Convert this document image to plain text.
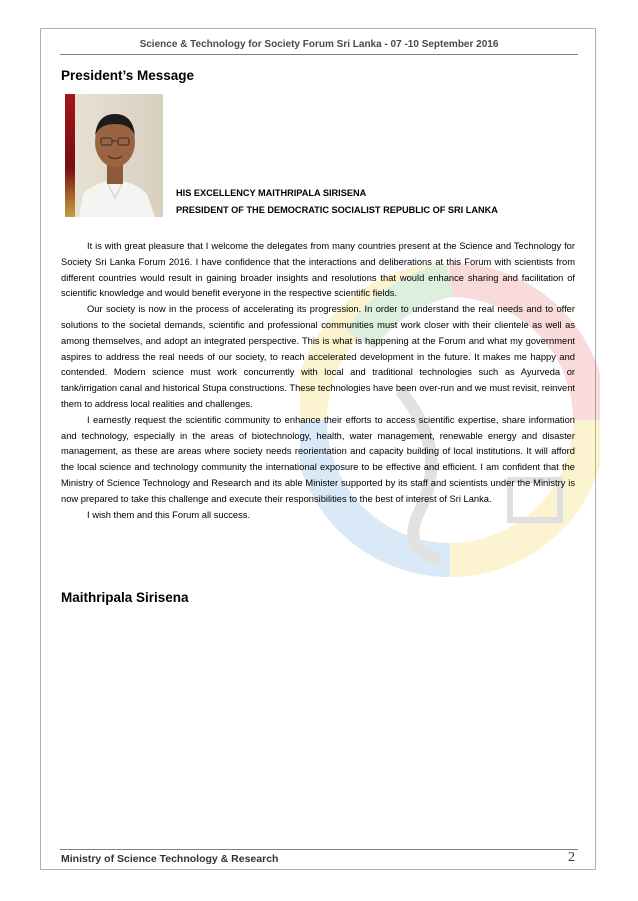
Science & Technology for Society Forum Sri Lanka - 07 -10 September 2016
President’s Message
HIS EXCELLENCY MAITHRIPALA SIRISENA
PRESIDENT OF THE DEMOCRATIC SOCIALIST REPUBLIC OF SRI LANKA

It is with great pleasure that I welcome the delegates from many countries present at the Science and Technology for Society Sri Lanka Forum 2016. I have confidence that the interactions and deliberations at this Forum with scientists from different countries would result in gaining broader insights and resolutions that would enhance sharing and facilitation of scientific knowledge and would benefit everyone in the respective scientific fields.

Our society is now in the process of accelerating its progression. In order to understand the real needs and to offer solutions to the societal demands, scientific and professional communities must work closer with their clientele as well as among themselves, and adopt an integrated perspective. This is what is happening at the Forum and what my government aspires to address the real needs of our society, to reach accelerated development in the future. It makes me happy and contended. Modern science must work concurrently with local and traditional technologies such as Ayurveda or tank/irrigation canal and historical Stupa constructions. These technologies have been over-run and we must revisit, reinvent them to address local realities and challenges.

I earnestly request the scientific community to enhance their efforts to access scientific expertise, share information and technology, especially in the areas of biotechnology, health, water management, renewable energy and disaster management, as these are areas where society needs reorientation and capacity building of local institutions. It will afford the local science and technology community the international exposure to be effective and efficient. I am confident that the Ministry of Science Technology and Research and its able Minister supported by its staff and scientists under the Ministry is now prepared to take this challenge and execute their responsibilities to the best of interest of Sri Lanka.

I wish them and this Forum all success.

Maithripala Sirisena
Ministry of Science Technology & Research	2
